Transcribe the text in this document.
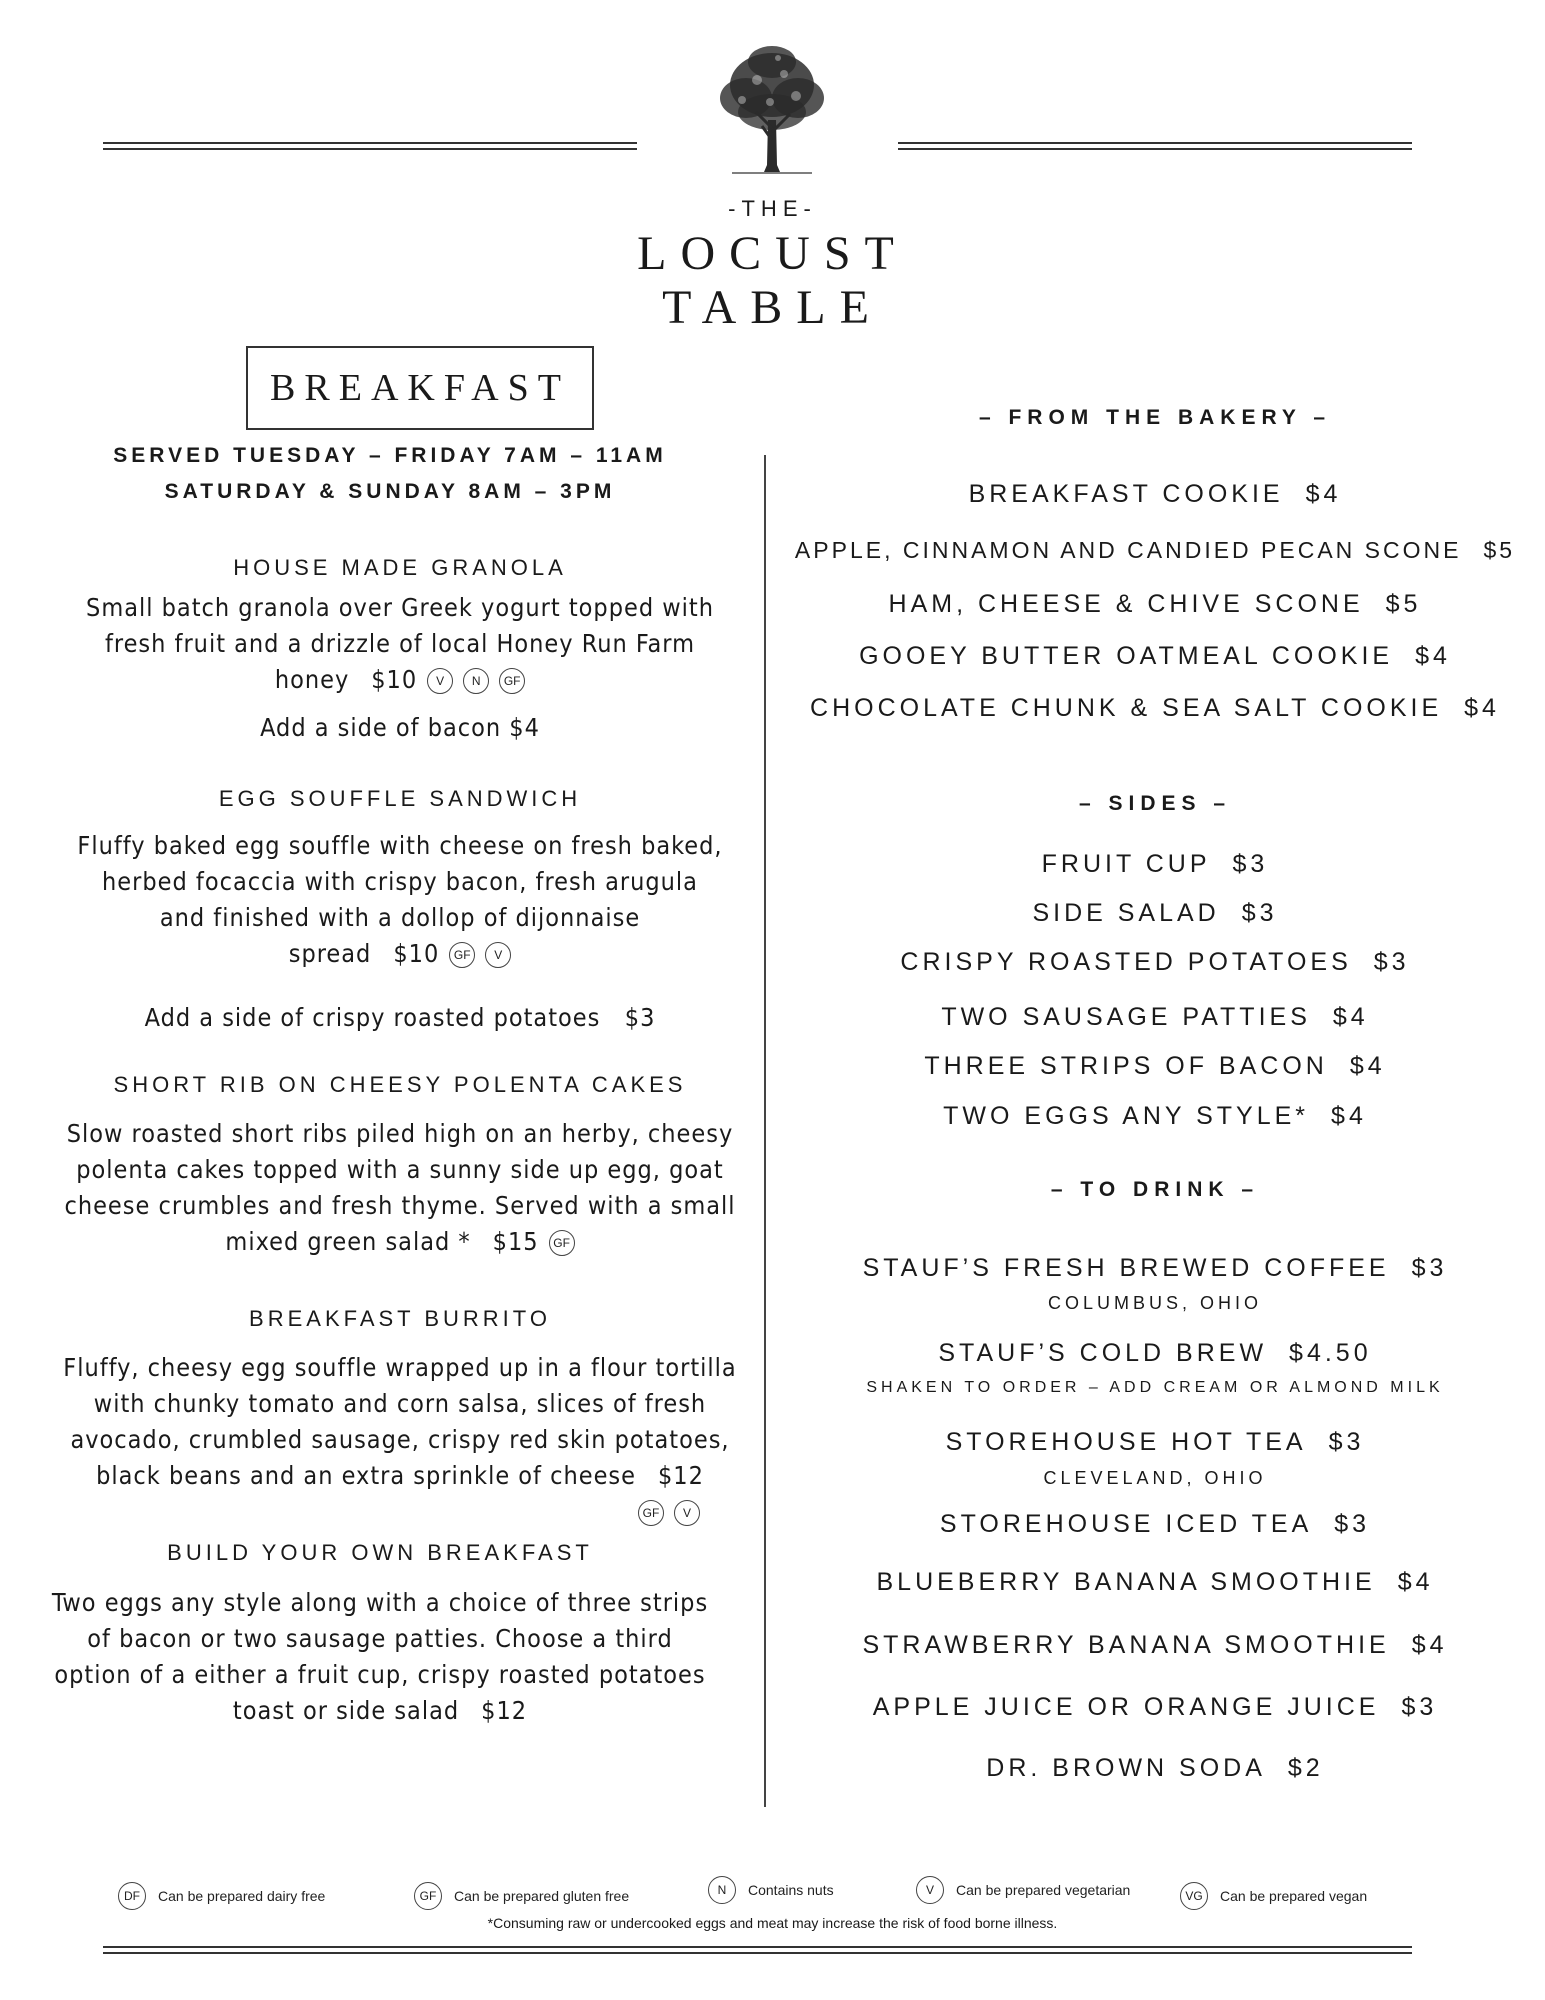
-THE-
LOCUST
TABLE
BREAKFAST
SERVED TUESDAY – FRIDAY 7AM – 11AM
SATURDAY & SUNDAY 8AM – 3PM
HOUSE MADE GRANOLA
Small batch granola over Greek yogurt topped with
fresh fruit and a drizzle of local Honey Run Farm
honey $10 V N GF
Add a side of bacon $4
EGG SOUFFLE SANDWICH
Fluffy baked egg souffle with cheese on fresh baked,
herbed focaccia with crispy bacon, fresh arugula
and finished with a dollop of dijonnaise
spread $10 GF V
Add a side of crispy roasted potatoes   $3
SHORT RIB ON CHEESY POLENTA CAKES
Slow roasted short ribs piled high on an herby, cheesy
polenta cakes topped with a sunny side up egg, goat
cheese crumbles and fresh thyme. Served with a small
mixed green salad * $15 GF
BREAKFAST BURRITO
Fluffy, cheesy egg souffle wrapped up in a flour tortilla
with chunky tomato and corn salsa, slices of fresh
avocado, crumbled sausage, crispy red skin potatoes,
black beans and an extra sprinkle of cheese $12
GF V
BUILD YOUR OWN BREAKFAST
Two eggs any style along with a choice of three strips
of bacon or two sausage patties. Choose a third
option of a either a fruit cup, crispy roasted potatoes
toast or side salad $12
– FROM THE BAKERY –
BREAKFAST COOKIE $4
APPLE, CINNAMON AND CANDIED PECAN SCONE $5
HAM, CHEESE & CHIVE SCONE $5
GOOEY BUTTER OATMEAL COOKIE $4
CHOCOLATE CHUNK & SEA SALT COOKIE $4
– SIDES –
FRUIT CUP $3
SIDE SALAD $3
CRISPY ROASTED POTATOES $3
TWO SAUSAGE PATTIES $4
THREE STRIPS OF BACON $4
TWO EGGS ANY STYLE* $4
– TO DRINK –
STAUF’S FRESH BREWED COFFEE $3
COLUMBUS, OHIO
STAUF’S COLD BREW $4.50
SHAKEN TO ORDER – ADD CREAM OR ALMOND MILK
STOREHOUSE HOT TEA $3
CLEVELAND, OHIO
STOREHOUSE ICED TEA $3
BLUEBERRY BANANA SMOOTHIE $4
STRAWBERRY BANANA SMOOTHIE $4
APPLE JUICE OR ORANGE JUICE $3
DR. BROWN SODA $2
DF	Can be prepared dairy free	GF	Can be prepared gluten free	N	Contains nuts	V	Can be prepared vegetarian	VG	Can be prepared vegan
*Consuming raw or undercooked eggs and meat may increase the risk of food borne illness.
